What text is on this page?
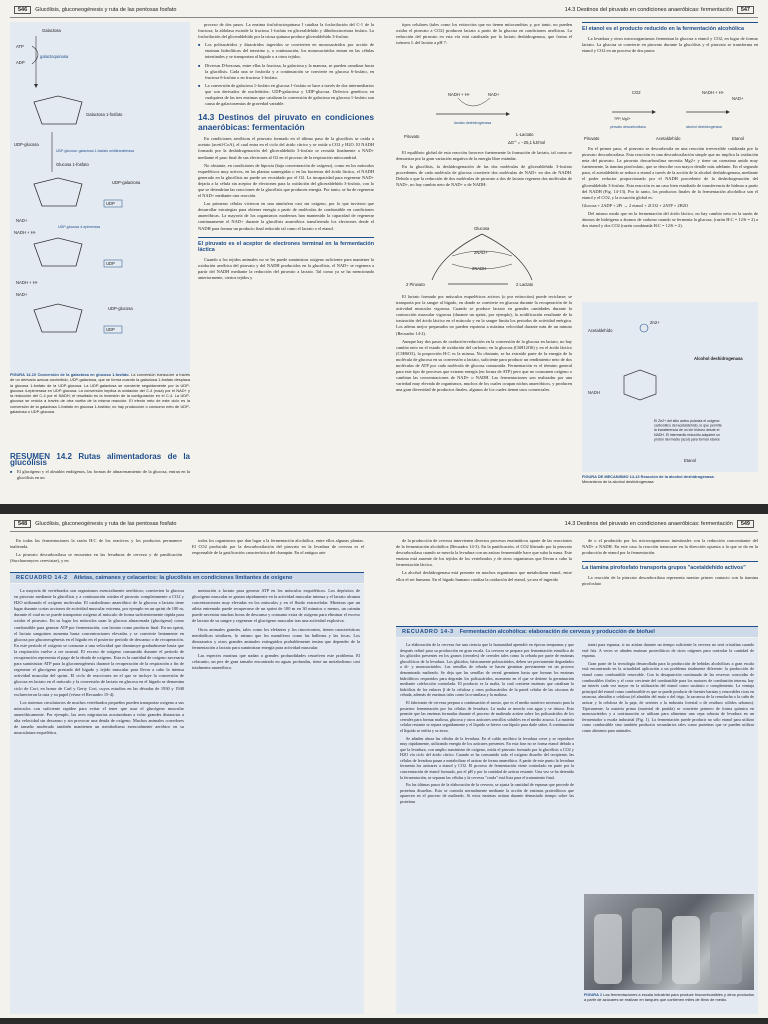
546 Glucólisis, gluconeogénesis y ruta de las pentosas fosfato	14.3 Destinos del piruvato en condiciones anaeróbicas: fermentación 547
Galactosa
ATP
galactoquinasa
ADP
Galactosa 1-fosfato
UDP-glucosa
UDP-glucosa: galactosa 1-fosfato uridiltransferasa
Glucosa 1-fosfato
UDP-galactosa
UDP
NAD+
NADH + H+
UDP-glucosa 4-epimerasa
UDP
NADH + H+
NAD+
UDP-glucosa
UDP
FIGURA 14-10 Conversión de la galactosa en glucosa 1-fosfato. La conversión transcurre a través de un derivado azúcar-nucleótido, UDP-galactosa, que se forma cuando la galactosa 1-fosfato desplaza la glucosa 1-fosfato de la UDP-glucosa. La UDP-galactosa se convierte seguidamente por la UDP-glucosa 4-epimerasa en UDP-glucosa. La conversión implica la oxidación del C-4 (rosa) por el NAD+ y la reducción del C-4 por el NADH; el resultado es la inversión de la configuración en el C-4. La UDP-glucosa se recicla a través de otra vuelta de la misma reacción. El efecto neto de este ciclo es la conversión de la galactosa 1-fosfato en glucosa 1-fosfato; no hay producción o consumo neto de UDP-galactosa o UDP-glucosa.
RESUMEN 14.2 Rutas alimentadoras de la glucólisis
■ El glucógeno y el almidón endógenos, las formas de almacenamiento de la glucosa, entran en la glucólisis en un

proceso de dos pasos. La enzima fosfofructoquinasa I cataliza la fosforilación del C-1 de la fructosa; la aldolasa escinde la fructosa 1-fosfato en gliceraldehído y dihidroxiacetona fosfato. La fosforilación del gliceraldehído por la triosa quinasa produce gliceraldehído 3-fosfato.

■ Los polisacáridos y disacáridos ingeridos se convierten en monosacáridos por acción de enzimas hidrolíticas del intestino y, a continuación, los monosacáridos entran en las células intestinales y se transportan al hígado o a otros tejidos.
■ Diversas D-hexosas, entre ellas la fructosa, la galactosa y la manosa, se pueden canalizar hacia la glucólisis. Cada una se fosforila y a continuación se convierte en glucosa 6-fosfato, en fructosa 6-fosfato o en fructosa 1-fosfato.
■ La conversión de galactosa 1-fosfato en glucosa 1-fosfato se hace a través de dos intermediarios que son derivados de nucleótidos: UDP-galactosa y UDP-glucosa. Defectos genéticos en cualquiera de las tres enzimas que catalizan la conversión de galactosa en glucosa 1-fosfato son causa de galactosemias de gravedad variable.
14.3 Destinos del piruvato en condiciones anaeróbicas: fermentación

En condiciones aeróbicas el piruvato formado en el último paso de la glucólisis se oxida a acetato (acetil-CoA), el cual entra en el ciclo del ácido cítrico y se oxida a CO2 y H2O. El NADH formado por la deshidrogenación del gliceraldehído 3-fosfato se reoxida finalmente a NAD+ mediante el paso final de sus electrones al O2 en el proceso de la respiración mitocondrial.

No obstante, en condiciones de hipoxia (baja concentración de oxígeno), como en los músculos esqueléticos muy activos, en las plantas sumergidas o en las bacterias del ácido láctico, el NADH generado en la glucólisis no puede ser reoxidado por el O2. La incapacidad para regenerar NAD+ dejaría a la célula sin aceptor de electrones para la oxidación del gliceraldehído 3-fosfato, con lo que se detendrían las reacciones de la glucólisis que producen energía. Por tanto, se ha de regenerar el NAD+ mediante otra reacción.

Las primeras células vivieron en una atmósfera casi sin oxígeno, por lo que tuvieron que desarrollar estrategias para obtener energía a partir de moléculas de combustible en condiciones anaeróbicas. La mayoría de los organismos modernos han mantenido la capacidad de regenerar continuamente el NAD+ durante la glucólisis anaeróbica transfiriendo los electrones desde el NADH para formar un producto final reducido tal como el lactato o el etanol.

El piruvato es el aceptor de electrones terminal en la fermentación láctica

Cuando a los tejidos animales no se les puede suministrar oxígeno suficiente para mantener la oxidación aeróbica del piruvato y del NADH producidos en la glucólisis, el NAD+ se regenera a partir del NADH mediante la reducción del piruvato a lactato. Tal como ya se ha mencionado anteriormente, ciertos tejidos y

tipos celulares (tales como los eritrocitos que no tienen mitocondrias y, por tanto, no pueden oxidar el piruvato a CO2) producen lactato a partir de la glucosa en condiciones aeróbicas. La reducción del piruvato en esta vía está catalizada por la lactato deshidrogenasa, que forma el isómero L del lactato a pH 7:

NADH + H+	NAD+
lactato deshidrogenasa
Piruvato	L-Lactato
ΔG'° = −25,1 kJ/mol

El equilibrio global de esta reacción favorece fuertemente la formación de lactato, tal como se demuestra por la gran variación negativa de la energía libre estándar.

En la glucólisis, la deshidrogenación de las dos moléculas de gliceraldehído 3-fosfato procedentes de cada molécula de glucosa convierte dos moléculas de NAD+ en dos de NADH. Debido a que la reducción de dos moléculas de piruvato a dos de lactato regenera dos moléculas de NAD+, no hay cambio neto de NAD+ o de NADH:

Glucosa
2NAD+
2NADH
2 Piruvato	2 Lactato

El lactato formado por músculos esqueléticos activos (o por eritrocitos) puede reciclarse; se transporta por la sangre al hígado, en donde se convierte en glucosa durante la recuperación de la actividad muscular vigorosa. Cuando se produce lactato en grandes cantidades durante la contracción muscular vigorosa (durante un sprint, por ejemplo), la acidificación resultante de la ionización del ácido láctico en el músculo y en la sangre limita los periodos de actividad enérgica. Los atletas mejor preparados no pueden esprintar a máxima velocidad durante más de un minuto (Recuadro 14-2).

Aunque hay dos pasos de oxidación-reducción en la conversión de la glucosa en lactato, no hay cambio neto en el estado de oxidación del carbono; en la glucosa (C6H12O6) y en el ácido láctico (C3H6O3), la proporción H:C es la misma. No obstante, se ha extraído parte de la energía de la molécula de glucosa en su conversión a lactato, suficiente para producir un rendimiento neto de dos moléculas de ATP por cada molécula de glucosa consumida. Fermentación es el término general para este tipo de procesos que extraen energía (en forma de ATP) pero que no consumen oxígeno o cambian las concentraciones de NAD+ o NADH. Las fermentaciones son realizadas por una variedad muy elevada de organismos, muchos de los cuales ocupan nichos anaeróbicos, y producen una gran diversidad de productos finales, algunos de los cuales tienen usos comerciales.

El etanol es el producto reducido en la fermentación alcohólica

La levadura y otros microorganismos fermentan la glucosa a etanol y CO2, en lugar de formar lactato. La glucosa se convierte en piruvato durante la glucólisis y el piruvato se transforma en etanol y CO2 en un proceso de dos pasos:

CO2	NADH + H+
NAD+
TPP, Mg2+
piruvato descarboxilasa	alcohol deshidrogenasa
Piruvato	Acetaldehído	Etanol

En el primer paso, el piruvato se descarboxila en una reacción irreversible catalizada por la piruvato descarboxilasa. Esta reacción es una descarboxilación simple que no implica la oxidación neta del piruvato. La piruvato descarboxilasa necesita Mg2+ y tiene un coenzima unido muy fuertemente, la tiamina pirofosfato, que se describe con mayor detalle más adelante. En el segundo paso, el acetaldehído se reduce a etanol a través de la acción de la alcohol deshidrogenasa, mediante el poder reductor proporcionado por el NADH procedente de la deshidrogenación del gliceraldehído 3-fosfato. Esta reacción es un caso bien estudiado de transferencia de hidruro a partir del NADH (Fig. 14-13). Por lo tanto, los productos finales de la fermentación alcohólica son el etanol y el CO2, y la ecuación global es:

Glucosa + 2ADP + 2Pi → 2 etanol + 2CO2 + 2ATP + 2H2O

Del mismo modo que en la fermentación del ácido láctico, no hay cambio neto en la razón de átomos de hidrógeno a átomos de carbono cuando se fermenta la glucosa, (razón H:C = 12/6 = 2) a dos etanol y dos CO2 (razón combinada H:C = 12/6 = 2).

Acetaldehído
Zn2+
Alcohol deshidrogenasa
NADH
El Zn2+ del sitio activo polariza el oxígeno carbonílico del acetaldehído, lo que permite la transferencia de un ión hidruro desde el NADH. El intermedio reducido adquiere un protón del medio (azul) para formar etanol.
Etanol
FIGURA DE MECANISMO 14-13 Reacción de la alcohol deshidrogenasa.
Mecanismo de la alcohol deshidrogenasa
548 Glucólisis, gluconeogénesis y ruta de las pentosas fosfato	14.3 Destinos del piruvato en condiciones anaeróbicas: fermentación 549

En todas las fermentaciones la razón H:C de los reactivos y los productos permanece inalterada.

La piruvato descarboxilasa se encuentra en las levaduras de cerveza y de panificación (Saccharomyces cerevisiae), y en

todos los organismos que dan lugar a la fermentación alcohólica, entre ellos algunas plantas. El CO2 producido por la descarboxilación del piruvato en la levadura de cerveza es el responsable de la gasificación característica del champán. En el antiguo arte

RECUADRO 14-2 Atletas, caimanes y celacantos: la glucólisis en condiciones limitantes de oxígeno

La mayoría de vertebrados son organismos esencialmente aeróbicos; convierten la glucosa en piruvato mediante la glucólisis y a continuación oxidan el piruvato completamente a CO2 y H2O utilizando el oxígeno molecular. El catabolismo anaeróbico de la glucosa a lactato tiene lugar durante cortas acciones de actividad muscular extrema, por ejemplo en un sprint de 100 m, durante el cual no se puede transportar oxígeno al músculo de forma suficientemente rápida para oxidar el piruvato. En su lugar los músculos usan la glucosa almacenada (glucógeno) como combustible para generar ATP por fermentación, con lactato como producto final. En un sprint, el lactato sanguíneo aumenta hasta concentraciones elevadas y se convierte lentamente en glucosa por gluconeogénesis en el hígado en el posterior período de descanso o de recuperación. En este período el oxígeno se consume a una velocidad que disminuye gradualmente hasta que la respiración vuelve a ser normal. El exceso de oxígeno consumido durante el período de recuperación representa el pago de la deuda de oxígeno. Esta es la cantidad de oxígeno necesaria para suministrar ATP para la gluconeogénesis durante la recuperación de la respiración a fin de regenerar el glucógeno prestado del hígado y tejido muscular para llevar a cabo la intensa actividad muscular del sprint. El ciclo de reacciones en el que se incluye la conversión de glucosa en lactato en el músculo y la conversión de lactato en glucosa en el hígado se denomina ciclo de Cori, en honor de Carl y Gerty Cori, cuyos estudios en las décadas de 1930 y 1940 esclarecieron la ruta y su papel (véase el Recuadro 15-4).

Los sistemas circulatorios de muchos vertebrados pequeños pueden transportar oxígeno a sus músculos con suficiente rapidez para evitar el tener que usar el glucógeno muscular anaeróbicamente. Por ejemplo, las aves migratorias acostumbran a volar grandes distancias a alta velocidad sin descanso y sin provocar una deuda de oxígeno. Muchos animales corredores de tamaño moderado también mantienen un metabolismo esencialmente aeróbico en su musculatura esquelética.

mentación a lactato para generar ATP en los músculos esqueléticos. Los depósitos de glucógeno muscular se gastan rápidamente en la actividad muscular intensa y el lactato alcanza concentraciones muy elevadas en los músculos y en el fluido extracelular. Mientras que un atleta entrenado puede recuperarse de un sprint de 100 m en 30 minutos o menos, un caimán puede necesitar muchas horas de descanso y consumo extra de oxígeno para eliminar el exceso de lactato de su sangre y regenerar el glucógeno muscular tras una actividad explosiva.

Otros animales grandes, tales como los elefantes y los rinocerontes, tienen características metabólicas similares, lo mismo que los mamíferos como las ballenas y las focas. Los dinosaurios y otros grandes animales extinguidos probablemente tenían que depender de la fermentación a lactato para suministrar energía para actividad muscular.

Las especies marinas que nadan a grandes profundidades resuelven este problema. El celacanto, un pez de gran tamaño encontrado en aguas profundas, tiene un metabolismo casi totalmente anaeróbico.

de la producción de cerveza intervienen diversos procesos enzimáticos aparte de las reacciones de la fermentación alcohólica (Recuadro 14-3). En la panificación, el CO2 liberado por la piruvato descarboxilasa cuando se mezcla la levadura con un azúcar fermentable hace que suba la masa. Este enzima está ausente de los tejidos de los vertebrados y de otros organismos que llevan a cabo la fermentación láctica.

La alcohol deshidrogenasa está presente en muchos organismos que metabolizan etanol, entre ellos el ser humano. En el hígado humano cataliza la oxidación del etanol, ya sea el ingerido

de o el producido por los microorganismos intestinales con la reducción concomitante del NAD+ a NADH. En este caso la reacción transcurre en la dirección opuesta a la que se da en la producción de etanol por la fermentación.

La tiamina pirofosfato transporta grupos "acetaldehído activos"

La reacción de la piruvato descarboxilasa representa nuestro primer contacto con la tiamina pirofosfato

RECUADRO 14-3 Fermentación alcohólica: elaboración de cerveza y producción de biofuel

La elaboración de la cerveza fue una ciencia que la humanidad aprendió en épocas tempranas y que después refinó para su producción en gran escala. La cerveza se prepara por fermentación etanólica de los glúcidos presentes en los granos (cereales) de cereales tales como la cebada por parte de enzimas glucolíticos de la levadura. Los glúcidos, básicamente polisacáridos, deben ser previamente degradados a di- y monosacáridos. Las semillas de cebada se hacen germinar previamente en un proceso denominado malteado. Se deja que las semillas de cereal germinen hasta que forman los enzimas hidrolíticos requeridos para degradar los polisacáridos, momento en el que se detiene la germinación mediante calefacción controlada. El producto es la malta, la cual contiene enzimas que catalizan la hidrólisis de los enlaces β de la celulosa y otros polisacáridos de la pared celular de las cáscaras de cebada, además de enzimas tales como la α-amilasa y la maltasa.

El fabricante de cerveza prepara a continuación el mosto, que es el medio nutritivo necesario para la posterior fermentación por las células de levadura. La malta se mezcla con agua y se tritura. Esto permite que las enzimas formadas durante el proceso de malteado actúen sobre los polisacáridos de los cereales para formar maltosa, glucosa y otros azúcares sencillos solubles en el medio acuoso. La materia celular restante se separa seguidamente y el líquido se hierve con lúpulo para darle sabor. A continuación el líquido se enfría y se airea.

Se añaden ahora las células de la levadura. En el caldo aeróbico la levadura crece y se reproduce muy rápidamente, utilizando energía de los azúcares presentes. En esta fase no se forma etanol debido a que la levadura, con amplio suministro de oxígeno, oxida el piruvato formado por la glucólisis a CO2 y H2O vía ciclo del ácido cítrico. Cuando se ha consumido todo el oxígeno disuelto del recipiente, las células de levadura pasan a metabolizar el azúcar de forma anaeróbica. A partir de este punto la levadura fermenta los azúcares a etanol y CO2. El proceso de fermentación viene controlado en parte por la concentración de etanol formado, por el pH y por la cantidad de azúcar restante. Una vez se ha detenido la fermentación, se separan las células y la cerveza "cruda" está lista para el tratamiento final.

En las últimas pasos de la elaboración de la cerveza, se ajusta la cantidad de espuma que procede de proteínas disueltas. Esto se controla normalmente mediante la acción de enzimas proteolíticos que aparecen en el proceso de malteado. Si estos enzimas actúan durante demasiado tiempo sobre las proteínas

tranti para espuma, si no actúan durante un tiempo suficiente la cerveza no será cristalina cuando esté fría. A veces se añaden enzimas proteolíticos de otros orígenes para controlar la cantidad de espuma.

Gran parte de la tecnología desarrollada para la producción de bebidas alcohólicas a gran escala está encontrando en la actualidad aplicación a un problema totalmente diferente: la producción de etanol como combustible renovable. Con la desaparición continuada de las reservas conocidas de combustibles fósiles y el coste creciente del combustible para los motores de combustión interna, hay un interés cada vez mayor en la utilización del etanol como sustituto o complemento. La ventaja principal del etanol como combustible es que se puede producir de fuentes baratas y renovables ricas en sacarosa, almidón o celulosa (el almidón del maíz o del trigo, la sacarosa de la remolacha o la caña de azúcar y la celulosa de la paja, de serrines o la industria forestal o de residuos sólidos urbanos). Típicamente, la materia prima (material de partida) se convierte primero de forma química en monosacáridos y a continuación se utilizan para alimentar una cepa robusta de levadura en un fermentador a escala industrial (Fig. 1). La fermentación puede producir no sólo etanol para utilizar como combustible sino también productos secundarios tales como proteínas que se pueden utilizar como alimento para animales.

FIGURA 1 Las fermentaciones a escala industrial para producir biocombustibles y otros productos a partir de azúcares se realizan en tanques que contienen miles de litros de medio.
